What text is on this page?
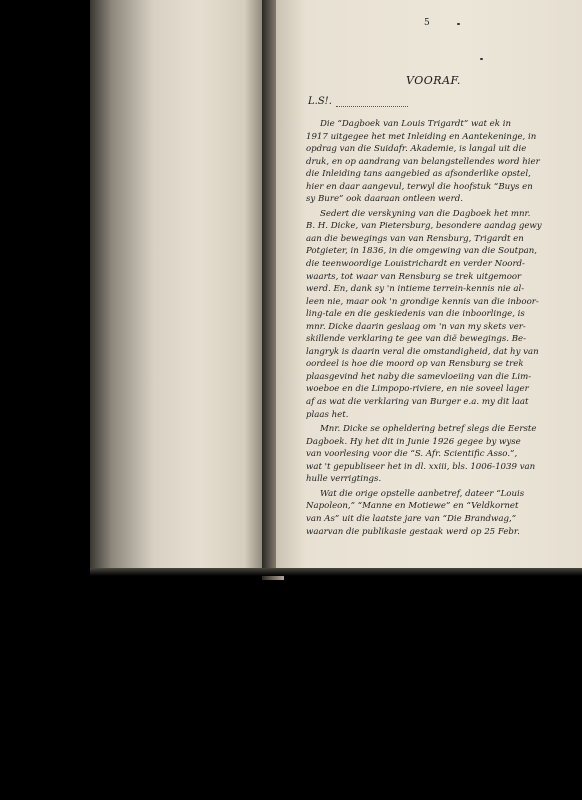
5
VOORAF.
L.S!.
Die “Dagboek van Louis Trigardt” wat ek in
1917 uitgegee het met Inleiding en Aantekeninge, in
opdrag van die Suidafr. Akademie, is langal uit die
druk, en op aandrang van belangstellendes word hier
die Inleiding tans aangebied as afsonderlike opstel,
hier en daar aangevul, terwyl die hoofstuk “Buys en
sy Bure” ook daaraan ontleen werd.
Sedert die verskyning van die Dagboek het mnr.
B. H. Dicke, van Pietersburg, besondere aandag gewy
aan die bewegings van van Rensburg, Trigardt en
Potgieter, in 1836, in die omgewing van die Soutpan,
die teenwoordige Louistrichardt en verder Noord-
waarts, tot waar van Rensburg se trek uitgemoor
werd. En, dank sy 'n intieme terrein-kennis nie al-
leen nie, maar ook 'n grondige kennis van die inboor-
ling-tale en die geskiedenis van die inboorlinge, is
mnr. Dicke daarin geslaag om 'n van my skets ver-
skillende verklaring te gee van dië bewegings. Be-
langryk is daarin veral die omstandigheid, dat hy van
oordeel is hoe die moord op van Rensburg se trek
plaasgevind het naby die samevloeiing van die Lim-
woeboe en die Limpopo-riviere, en nie soveel lager
af as wat die verklaring van Burger e.a. my dit laat
plaas het.
Mnr. Dicke se opheldering betref slegs die Eerste
Dagboek. Hy het dit in Junie 1926 gegee by wyse
van voorlesing voor die “S. Afr. Scientific Asso.”,
wat 't gepubliseer het in dl. xxiii, bls. 1006-1039 van
hulle verrigtings.
Wat die orige opstelle aanbetref, dateer “Louis
Napoleon,” “Manne en Motiewe” en “Veldkornet
van As” uit die laatste jare van “Die Brandwag,”
waarvan die publikasie gestaak werd op 25 Febr.
